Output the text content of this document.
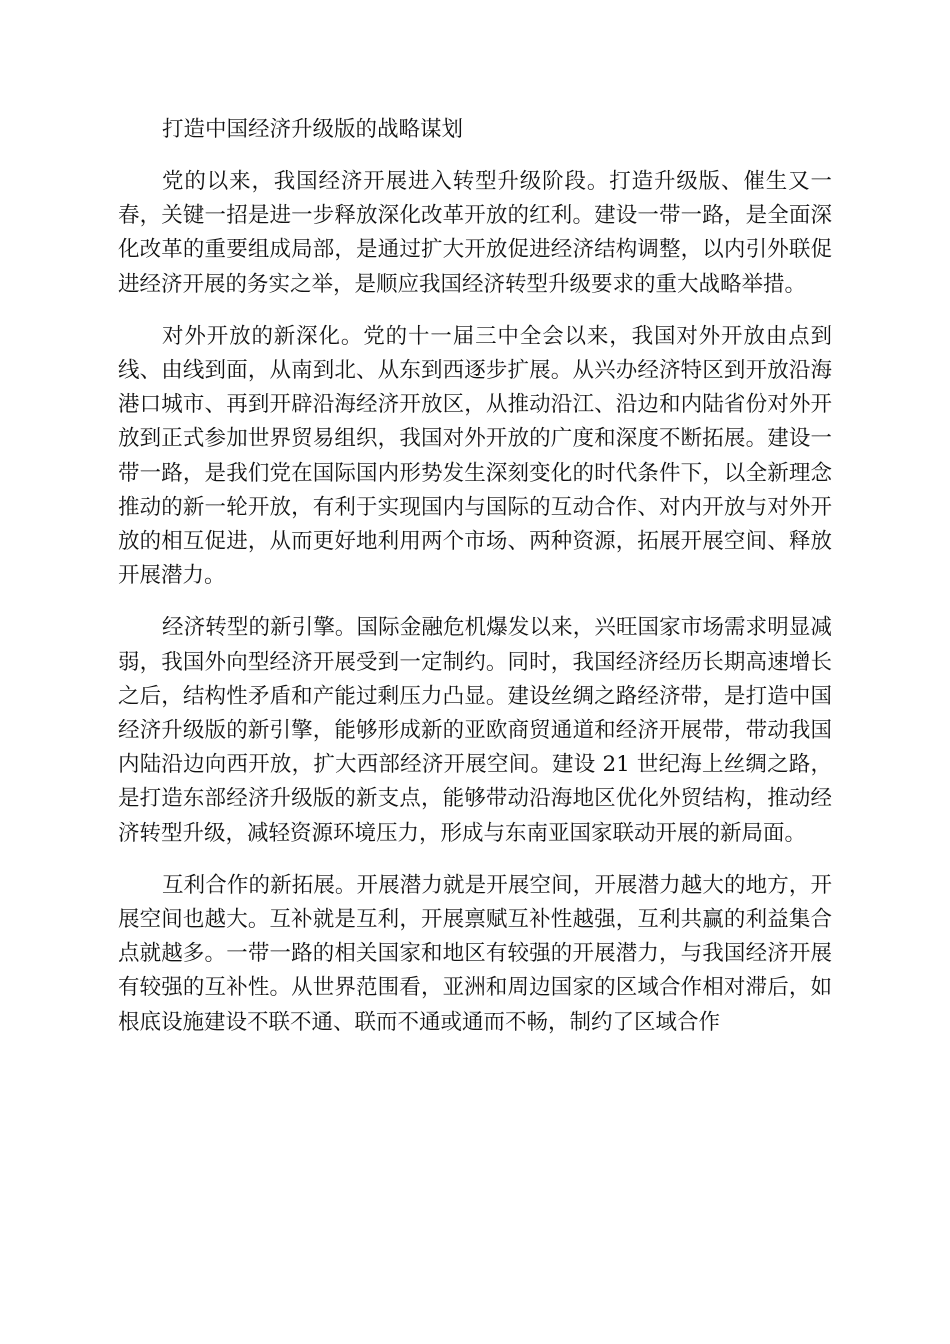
打造中国经济升级版的战略谋划

党的以来，我国经济开展进入转型升级阶段。打造升级版、催生又一春，关键一招是进一步释放深化改革开放的红利。建设一带一路，是全面深化改革的重要组成局部，是通过扩大开放促进经济结构调整，以内引外联促进经济开展的务实之举，是顺应我国经济转型升级要求的重大战略举措。

对外开放的新深化。党的十一届三中全会以来，我国对外开放由点到线、由线到面，从南到北、从东到西逐步扩展。从兴办经济特区到开放沿海港口城市、再到开辟沿海经济开放区，从推动沿江、沿边和内陆省份对外开放到正式参加世界贸易组织，我国对外开放的广度和深度不断拓展。建设一带一路，是我们党在国际国内形势发生深刻变化的时代条件下，以全新理念推动的新一轮开放，有利于实现国内与国际的互动合作、对内开放与对外开放的相互促进，从而更好地利用两个市场、两种资源，拓展开展空间、释放开展潜力。

经济转型的新引擎。国际金融危机爆发以来，兴旺国家市场需求明显减弱，我国外向型经济开展受到一定制约。同时，我国经济经历长期高速增长之后，结构性矛盾和产能过剩压力凸显。建设丝绸之路经济带，是打造中国经济升级版的新引擎，能够形成新的亚欧商贸通道和经济开展带，带动我国内陆沿边向西开放，扩大西部经济开展空间。建设 21 世纪海上丝绸之路，是打造东部经济升级版的新支点，能够带动沿海地区优化外贸结构，推动经济转型升级，减轻资源环境压力，形成与东南亚国家联动开展的新局面。

互利合作的新拓展。开展潜力就是开展空间，开展潜力越大的地方，开展空间也越大。互补就是互利，开展禀赋互补性越强，互利共赢的利益集合点就越多。一带一路的相关国家和地区有较强的开展潜力，与我国经济开展有较强的互补性。从世界范围看，亚洲和周边国家的区域合作相对滞后，如根底设施建设不联不通、联而不通或通而不畅，制约了区域合作
